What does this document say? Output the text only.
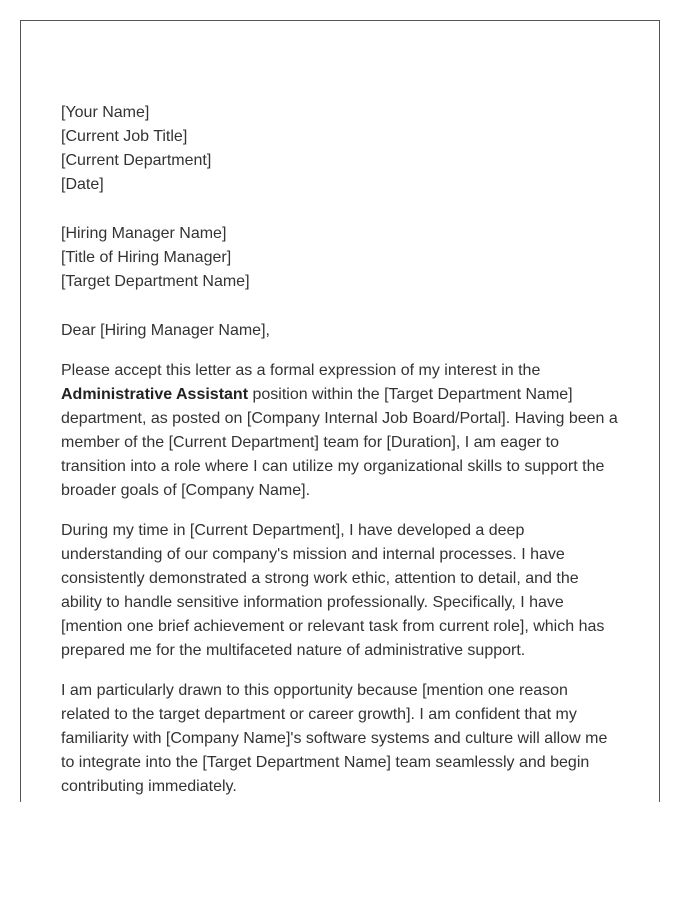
[Your Name]
[Current Job Title]
[Current Department]
[Date]
[Hiring Manager Name]
[Title of Hiring Manager]
[Target Department Name]
Dear [Hiring Manager Name],
Please accept this letter as a formal expression of my interest in the
Administrative Assistant position within the [Target Department Name]
department, as posted on [Company Internal Job Board/Portal]. Having been a
member of the [Current Department] team for [Duration], I am eager to
transition into a role where I can utilize my organizational skills to support the
broader goals of [Company Name].
During my time in [Current Department], I have developed a deep
understanding of our company's mission and internal processes. I have
consistently demonstrated a strong work ethic, attention to detail, and the
ability to handle sensitive information professionally. Specifically, I have
[mention one brief achievement or relevant task from current role], which has
prepared me for the multifaceted nature of administrative support.
I am particularly drawn to this opportunity because [mention one reason
related to the target department or career growth]. I am confident that my
familiarity with [Company Name]'s software systems and culture will allow me
to integrate into the [Target Department Name] team seamlessly and begin
contributing immediately.
